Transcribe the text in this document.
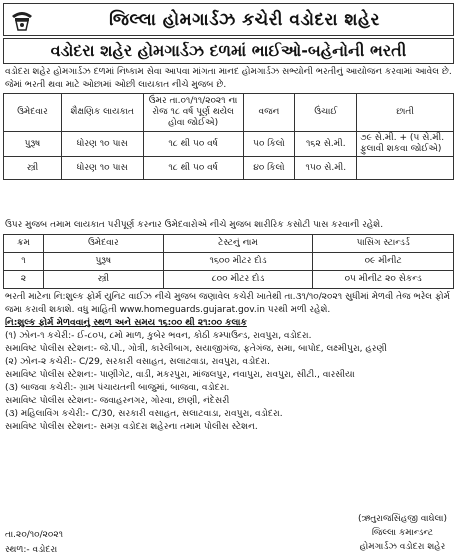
જિલ્લા હોમગાર્ડઝ કચેરી વડોદરા શહેર
વડોદરા શહેર હોમગાર્ડઝ દળમાં ભાઈઓ-બહેનોની ભરતી
વડોદરા શહેર હોમગાર્ડઝ દળમાં નિષ્કામ સેવા આપવા માંગતા માનદ હોમગાર્ડઝ સભ્યોની ભરતીનું આયોજન કરવામાં આવેલ છે. જેમાં ભરતી થવા માટે ઓછામાં ઓછી લાયકાત નીચે મુજબ છે.
ઉમેદવાર	શૈક્ષણિક લાયકાત	ઉંમર તા.૦૧/૧૧/૨૦૨૧ ના રોજ ૧૮ વર્ષ પૂર્ણ થયેલ હોવા જોઈએ)	વજન	ઉંચાઈ	છાતી
પુરૂષ	ધોરણ ૧૦ પાસ	૧૮ થી ૫૦ વર્ષ	૫૦ કિલો	૧૬૨ સે.મી.	૭૯ સે.મી. + (૫ સે.મી. ફુલાવી શકવા જોઈએ)
સ્ત્રી	ધોરણ ૧૦ પાસ	૧૮ થી ૫૦ વર્ષ	૪૦ કિલો	૧૫૦ સે.મી.	
ઉપર મુજબ તમામ લાયકાત પરીપૂર્ણ કરનાર ઉમેદવારોએ નીચે મુજબ શારીરિક કસોટી પાસ કરવાની રહેશે.
ક્રમ	ઉમેદવાર	ટેસ્ટનું નામ	પાસિંગ સ્ટાન્ડર્ડ
૧	પુરૂષ	૧૬૦૦ મીટર દોડ	૦૯ મીનીટ
૨	સ્ત્રી	૮૦૦ મીટર દોડ	૦૫ મીનીટ ૨૦ સેકન્ડ

ભરતી માટેના નિ:શુલ્ક ફોર્મ યુનિટ વાઈઝ નીચે મુજબ જણાવેલ કચેરી ખાતેથી તા.૩૧/૧૦/૨૦૨૧ સુધીમાં મેળવી તેજ ભરેલ ફોર્મ જમા કરાવી શકાશે. વધુ માહિતી www.homeguards.gujarat.gov.in પરથી મળી રહેશે.

નિ:શુલ્ક ફોર્મ મેળવવાનું સ્થળ અને સમય ૧૬:૦૦ થી ૨૧:૦૦ કલાક

(૧) ઝોન-૧ કચેરી:- ઈ-૮૦૫, ૮મો માળ, કુબેર ભવન, કોઠી કમ્પાઉન્ડ, રાવપુરા, વડોદરા.

સમાવિષ્ટ પોલીસ સ્ટેશન:- જે.પી., ગોત્રી, કારેલીબાગ, સયાજીગંજ, ફતેગંજ, સમા, બાપોદ, લક્ષ્મીપુરા, હરણી

(૨) ઝોન-૨ કચેરી:- C/29, સરકારી વસાહત, સલાટવાડા, રાવપુરા, વડોદરા.

સમાવિષ્ટ પોલીસ સ્ટેશન:- પાણીગેટ, વાડી, મકરપુરા, માંજલપુર, નવાપુરા, રાવપુરા, સીટી., વારસીયા

(૩) બાજવા કચેરી:- ગ્રામ પંચાયતની બાજુમાં, બાજવા, વડોદરા.

સમાવિષ્ટ પોલીસ સ્ટેશન:- જવાહરનગર, ગોરવા, છાણી, નંદેસરી

(૩) મહિલાવિંગ કચેરી:- C/30, સરકારી વસાહત, સલાટવાડા, રાવપુરા, વડોદરા.

સમાવિષ્ટ પોલીસ સ્ટેશન:- સમગ્ર વડોદરા શહેરના તમામ પોલીસ સ્ટેશન.

તા.૨૦/૧૦/૨૦૨૧
સ્થળ:- વડોદરા
(ઋતુરાજસિંહજી વાઘેલા)
જિલ્લા કમાન્ડન્ટ
હોમગાર્ડઝ વડોદરા શહેર
